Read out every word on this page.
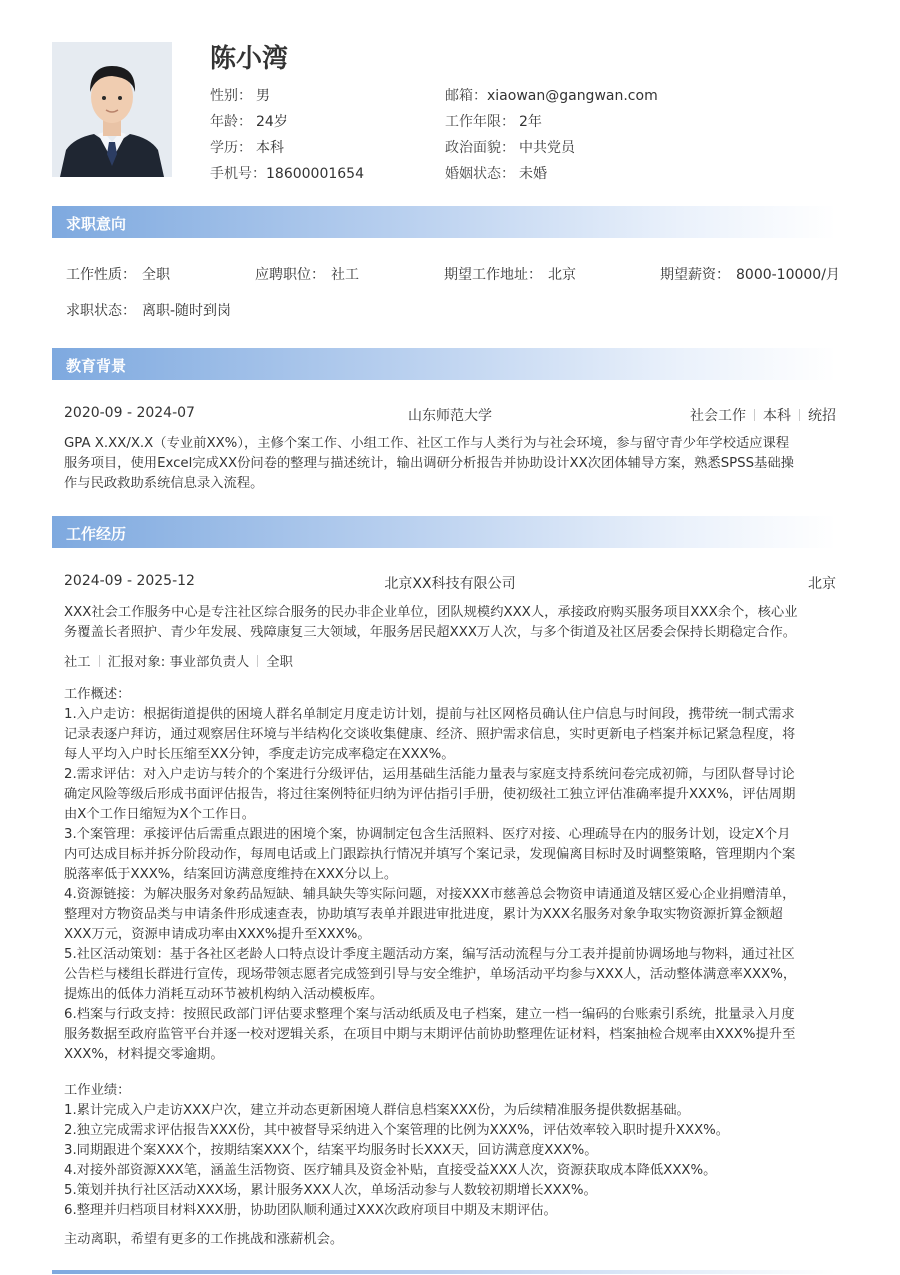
陈小湾
性别： 男
年龄： 24岁
学历： 本科
手机号：18600001654
邮箱：xiaowan@gangwan.com
工作年限： 2年
政治面貌： 中共党员
婚姻状态： 未婚
求职意向
工作性质： 全职	应聘职位： 社工	期望工作地址： 北京	期望薪资： 8000-10000/月
求职状态： 离职-随时到岗
教育背景
2020-09 - 2024-07	山东师范大学	社会工作 本科 统招
GPA X.XX/X.X（专业前XX%），主修个案工作、小组工作、社区工作与人类行为与社会环境，参与留守青少年学校适应课程
服务项目，使用Excel完成XX份问卷的整理与描述统计，输出调研分析报告并协助设计XX次团体辅导方案，熟悉SPSS基础操
作与民政救助系统信息录入流程。
工作经历
2024-09 - 2025-12	北京XX科技有限公司	北京
XXX社会工作服务中心是专注社区综合服务的民办非企业单位，团队规模约XXX人，承接政府购买服务项目XXX余个，核心业
务覆盖长者照护、青少年发展、残障康复三大领域，年服务居民超XXX万人次，与多个街道及社区居委会保持长期稳定合作。
社工 汇报对象: 事业部负责人 全职
工作概述：
1.入户走访：根据街道提供的困境人群名单制定月度走访计划，提前与社区网格员确认住户信息与时间段，携带统一制式需求
记录表逐户拜访，通过观察居住环境与半结构化交谈收集健康、经济、照护需求信息，实时更新电子档案并标记紧急程度，将
每人平均入户时长压缩至XX分钟，季度走访完成率稳定在XXX%。
2.需求评估：对入户走访与转介的个案进行分级评估，运用基础生活能力量表与家庭支持系统问卷完成初筛，与团队督导讨论
确定风险等级后形成书面评估报告，将过往案例特征归纳为评估指引手册，使初级社工独立评估准确率提升XXX%，评估周期
由X个工作日缩短为X个工作日。
3.个案管理：承接评估后需重点跟进的困境个案，协调制定包含生活照料、医疗对接、心理疏导在内的服务计划，设定X个月
内可达成目标并拆分阶段动作，每周电话或上门跟踪执行情况并填写个案记录，发现偏离目标时及时调整策略，管理期内个案
脱落率低于XXX%，结案回访满意度维持在XXX分以上。
4.资源链接：为解决服务对象药品短缺、辅具缺失等实际问题，对接XXX市慈善总会物资申请通道及辖区爱心企业捐赠清单，
整理对方物资品类与申请条件形成速查表，协助填写表单并跟进审批进度，累计为XXX名服务对象争取实物资源折算金额超
XXX万元，资源申请成功率由XXX%提升至XXX%。
5.社区活动策划：基于各社区老龄人口特点设计季度主题活动方案，编写活动流程与分工表并提前协调场地与物料，通过社区
公告栏与楼组长群进行宣传，现场带领志愿者完成签到引导与安全维护，单场活动平均参与XXX人，活动整体满意率XXX%，
提炼出的低体力消耗互动环节被机构纳入活动模板库。
6.档案与行政支持：按照民政部门评估要求整理个案与活动纸质及电子档案，建立一档一编码的台账索引系统，批量录入月度
服务数据至政府监管平台并逐一校对逻辑关系，在项目中期与末期评估前协助整理佐证材料，档案抽检合规率由XXX%提升至
XXX%，材料提交零逾期。
工作业绩：
1.累计完成入户走访XXX户次，建立并动态更新困境人群信息档案XXX份，为后续精准服务提供数据基础。
2.独立完成需求评估报告XXX份，其中被督导采纳进入个案管理的比例为XXX%，评估效率较入职时提升XXX%。
3.同期跟进个案XXX个，按期结案XXX个，结案平均服务时长XXX天，回访满意度XXX%。
4.对接外部资源XXX笔，涵盖生活物资、医疗辅具及资金补贴，直接受益XXX人次，资源获取成本降低XXX%。
5.策划并执行社区活动XXX场，累计服务XXX人次，单场活动参与人数较初期增长XXX%。
6.整理并归档项目材料XXX册，协助团队顺利通过XXX次政府项目中期及末期评估。
主动离职，希望有更多的工作挑战和涨薪机会。
